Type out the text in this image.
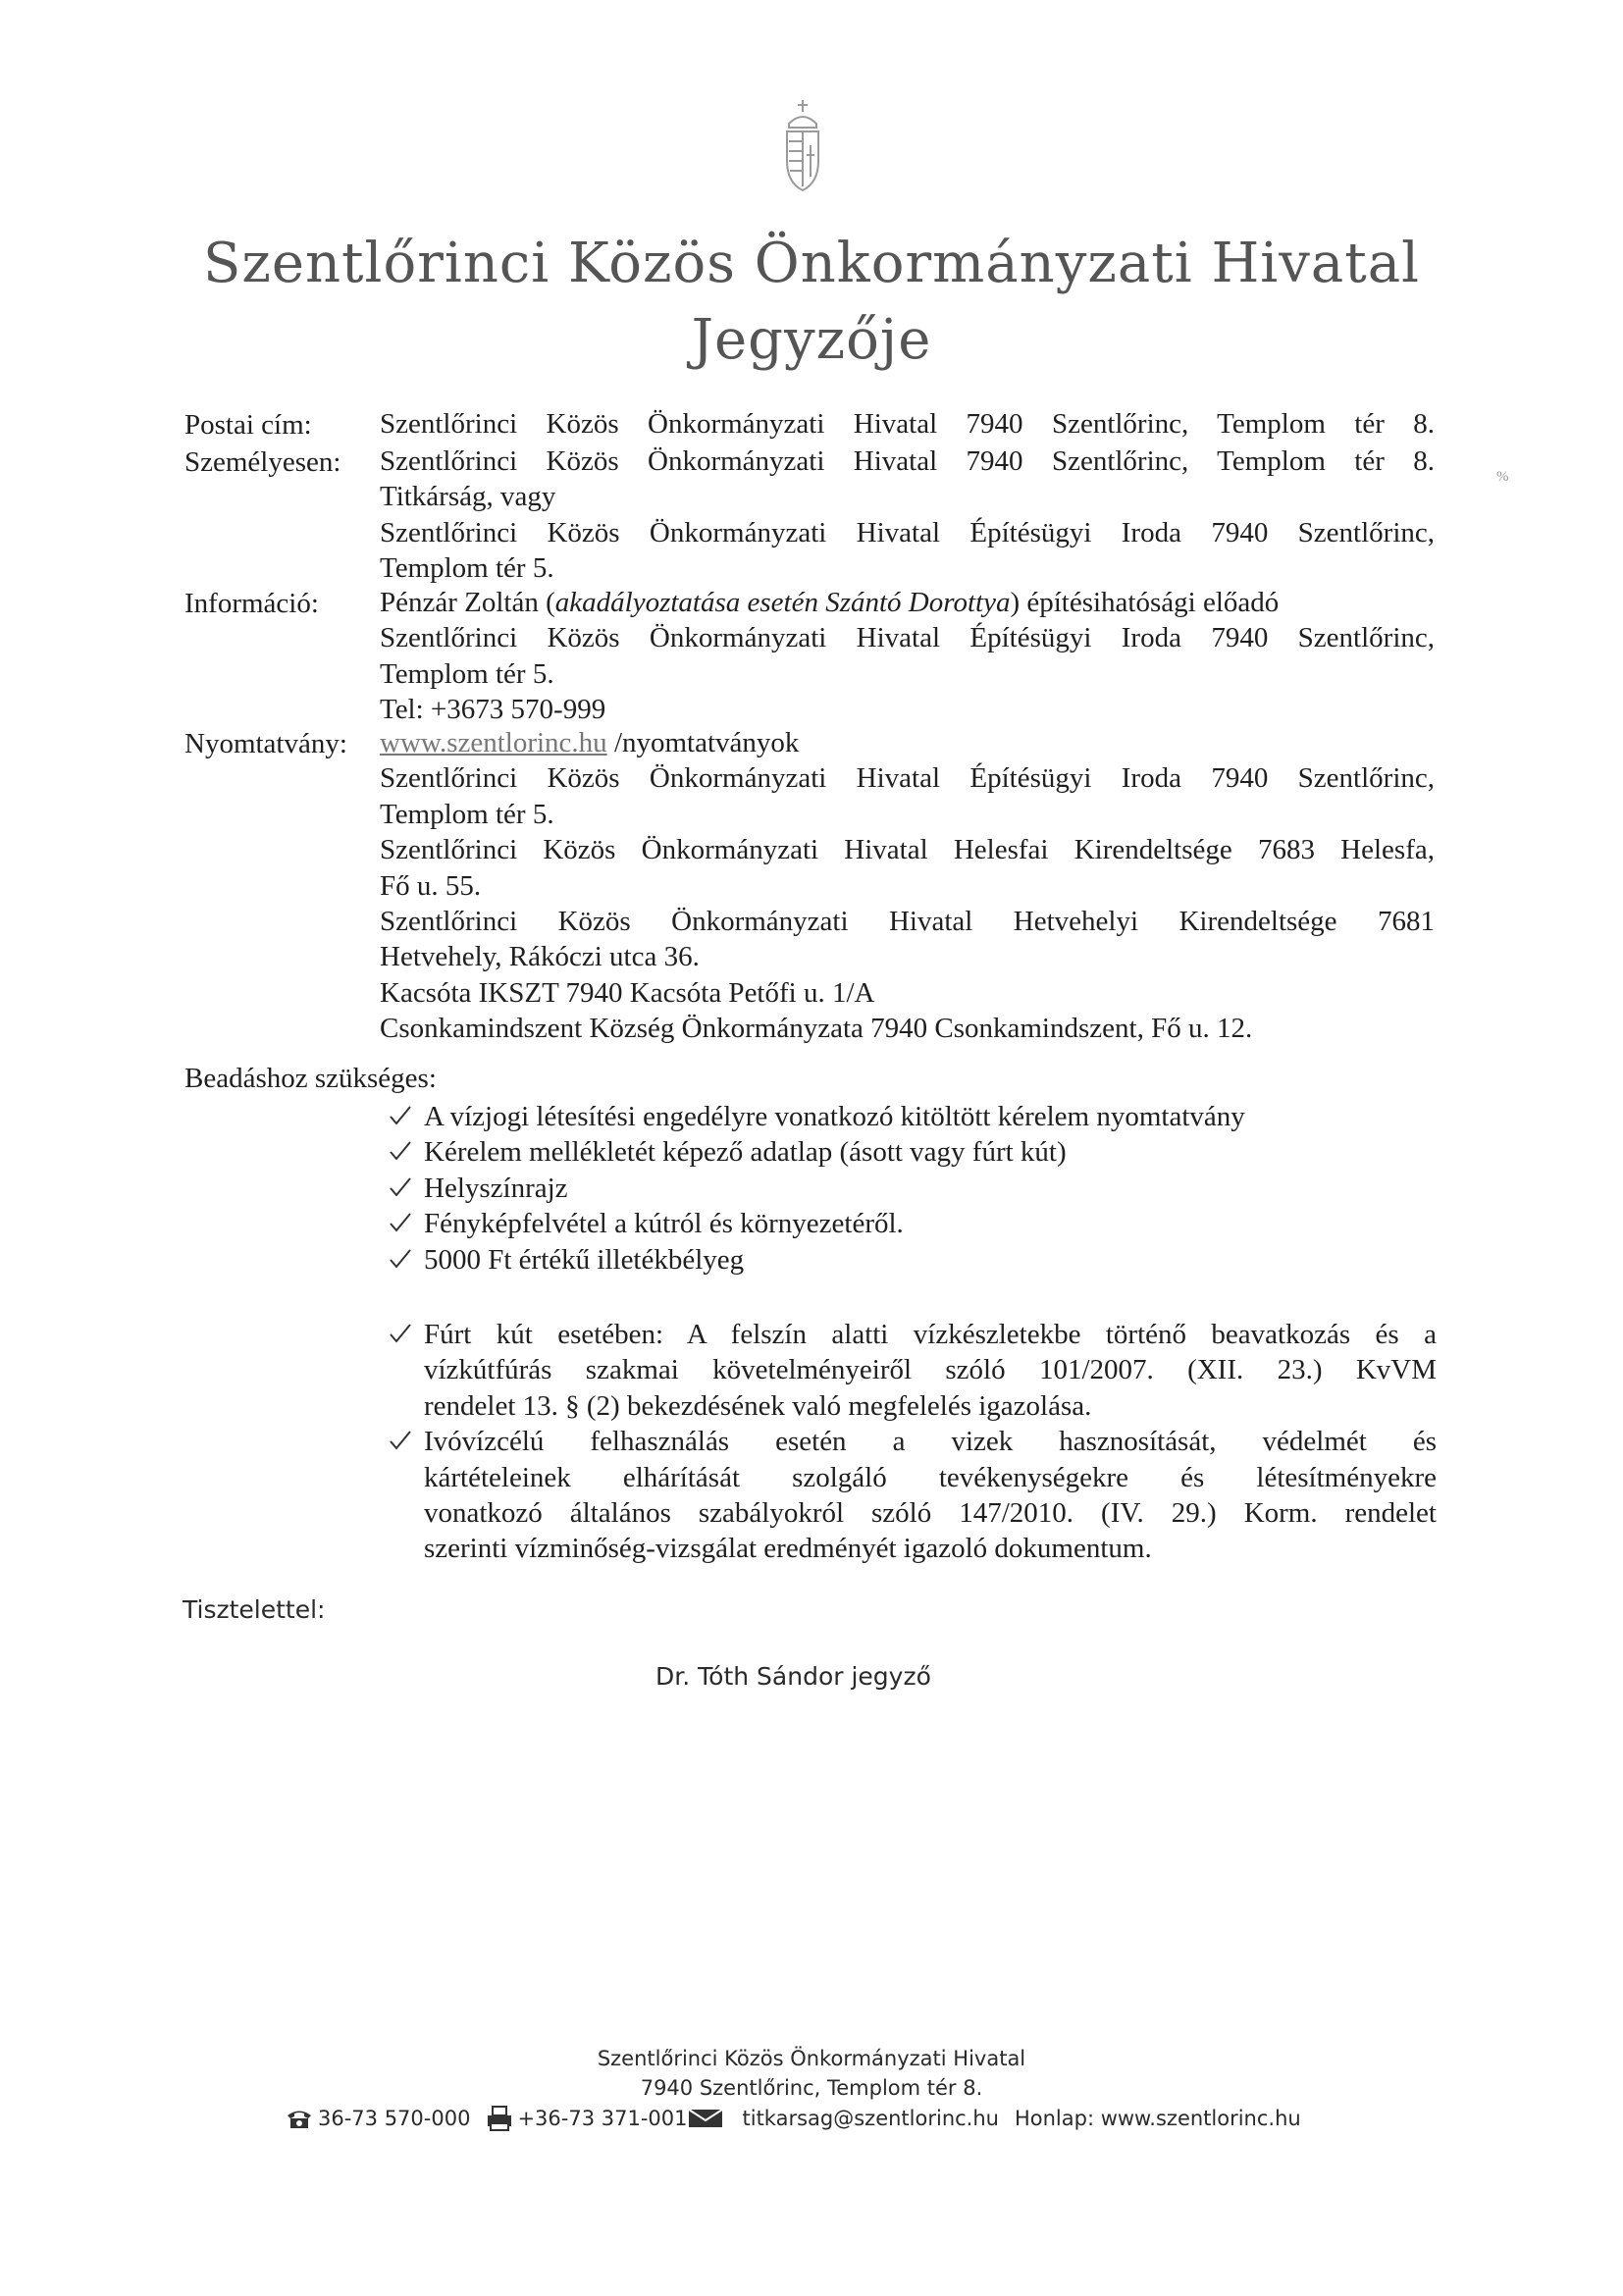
Szentlőrinci Közös Önkormányzati Hivatal
Jegyzője
%
Postai cím:
Személyesen:
Információ:
Nyomtatvány:
Szentlőrinci Közös Önkormányzati Hivatal 7940 Szentlőrinc, Templom tér 8.
Szentlőrinci Közös Önkormányzati Hivatal 7940 Szentlőrinc, Templom tér 8.
Titkárság, vagy
Szentlőrinci Közös Önkormányzati Hivatal Építésügyi Iroda 7940 Szentlőrinc,
Templom tér 5.
Pénzár Zoltán (akadályoztatása esetén Szántó Dorottya) építésihatósági előadó
Szentlőrinci Közös Önkormányzati Hivatal Építésügyi Iroda 7940 Szentlőrinc,
Templom tér 5.
Tel: +3673 570-999
www.szentlorinc.hu /nyomtatványok
Szentlőrinci Közös Önkormányzati Hivatal Építésügyi Iroda 7940 Szentlőrinc,
Templom tér 5.
Szentlőrinci Közös Önkormányzati Hivatal Helesfai Kirendeltsége 7683 Helesfa,
Fő u. 55.
Szentlőrinci Közös Önkormányzati Hivatal Hetvehelyi Kirendeltsége 7681
Hetvehely, Rákóczi utca 36.
Kacsóta IKSZT 7940 Kacsóta Petőfi u. 1/A
Csonkamindszent Község Önkormányzata 7940 Csonkamindszent, Fő u. 12.
Beadáshoz szükséges:
A vízjogi létesítési engedélyre vonatkozó kitöltött kérelem nyomtatvány
Kérelem mellékletét képező adatlap (ásott vagy fúrt kút)
Helyszínrajz
Fényképfelvétel a kútról és környezetéről.
5000 Ft értékű illetékbélyeg
Fúrt kút esetében: A felszín alatti vízkészletekbe történő beavatkozás és a
vízkútfúrás szakmai követelményeiről szóló 101/2007. (XII. 23.) KvVM
rendelet 13. § (2) bekezdésének való megfelelés igazolása.
Ivóvízcélú felhasználás esetén a vizek hasznosítását, védelmét és
kártételeinek elhárítását szolgáló tevékenységekre és létesítményekre
vonatkozó általános szabályokról szóló 147/2010. (IV. 29.) Korm. rendelet
szerinti vízminőség-vizsgálat eredményét igazoló dokumentum.
Tisztelettel:
Dr. Tóth Sándor jegyző
Szentlőrinci Közös Önkormányzati Hivatal
7940 Szentlőrinc, Templom tér 8.
36-73 570-000 +36-73 371-001	titkarsag@szentlorinc.hu Honlap: www.szentlorinc.hu
